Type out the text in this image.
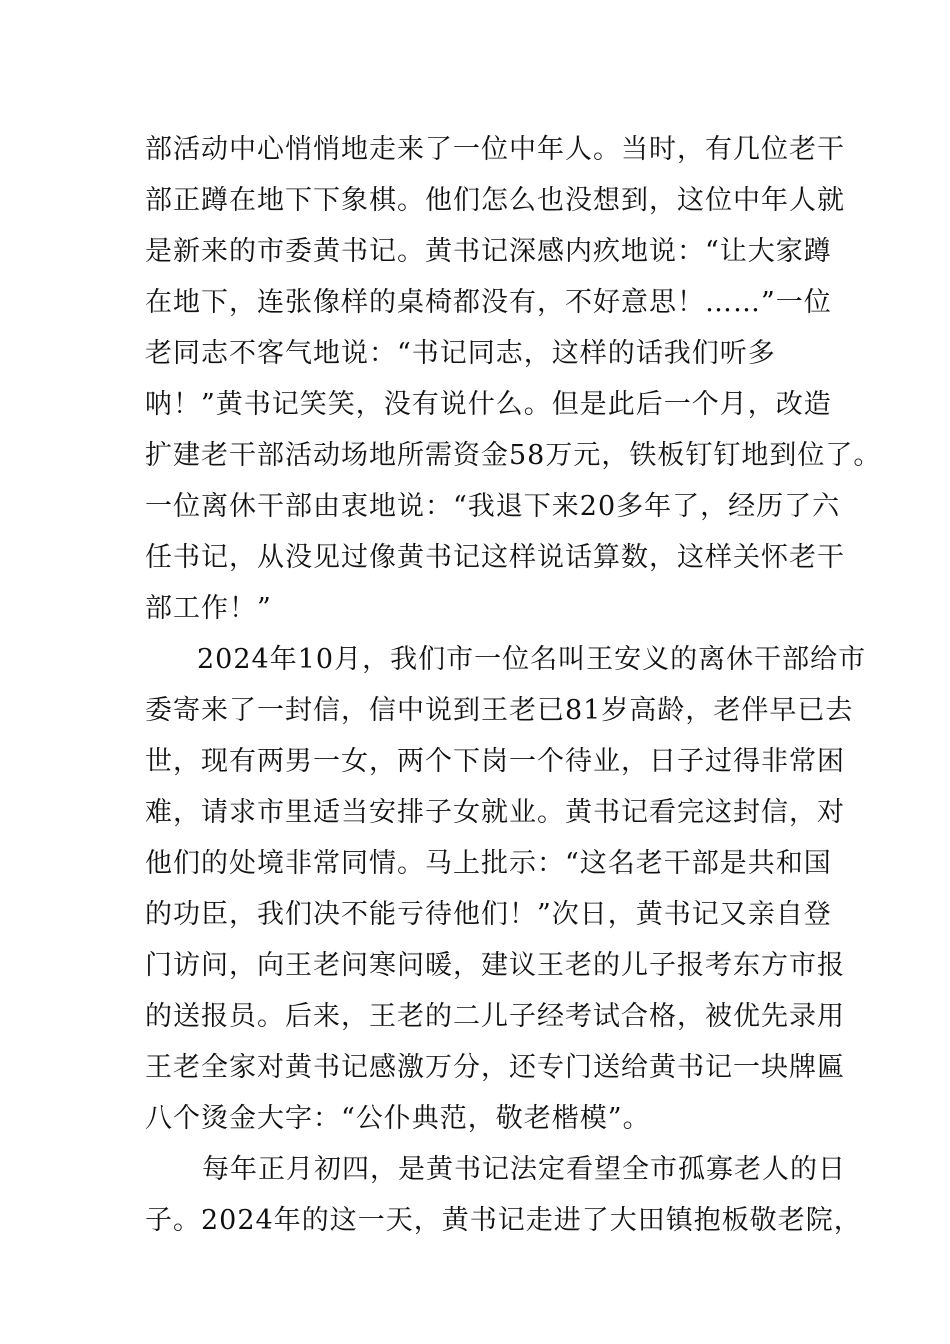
部活动中心悄悄地走来了一位中年人。当时，有几位老干
部正蹲在地下下象棋。他们怎么也没想到，这位中年人就
是新来的市委黄书记。黄书记深感内疚地说：“让大家蹲
在地下，连张像样的桌椅都没有，不好意思！……”一位
老同志不客气地说：“书记同志，这样的话我们听多
呐！”黄书记笑笑，没有说什么。但是此后一个月，改造
扩建老干部活动场地所需资金58万元，铁板钉钉地到位了。
一位离休干部由衷地说：“我退下来20多年了，经历了六
任书记，从没见过像黄书记这样说话算数，这样关怀老干
部工作！”
2024年10月，我们市一位名叫王安义的离休干部给市
委寄来了一封信，信中说到王老已81岁高龄，老伴早已去
世，现有两男一女，两个下岗一个待业，日子过得非常困
难，请求市里适当安排子女就业。黄书记看完这封信，对
他们的处境非常同情。马上批示：“这名老干部是共和国
的功臣，我们决不能亏待他们！”次日，黄书记又亲自登
门访问，向王老问寒问暖，建议王老的儿子报考东方市报
的送报员。后来，王老的二儿子经考试合格，被优先录用
王老全家对黄书记感激万分，还专门送给黄书记一块牌匾
八个烫金大字：“公仆典范，敬老楷模”。
每年正月初四，是黄书记法定看望全市孤寡老人的日
子。2024年的这一天，黄书记走进了大田镇抱板敬老院，
